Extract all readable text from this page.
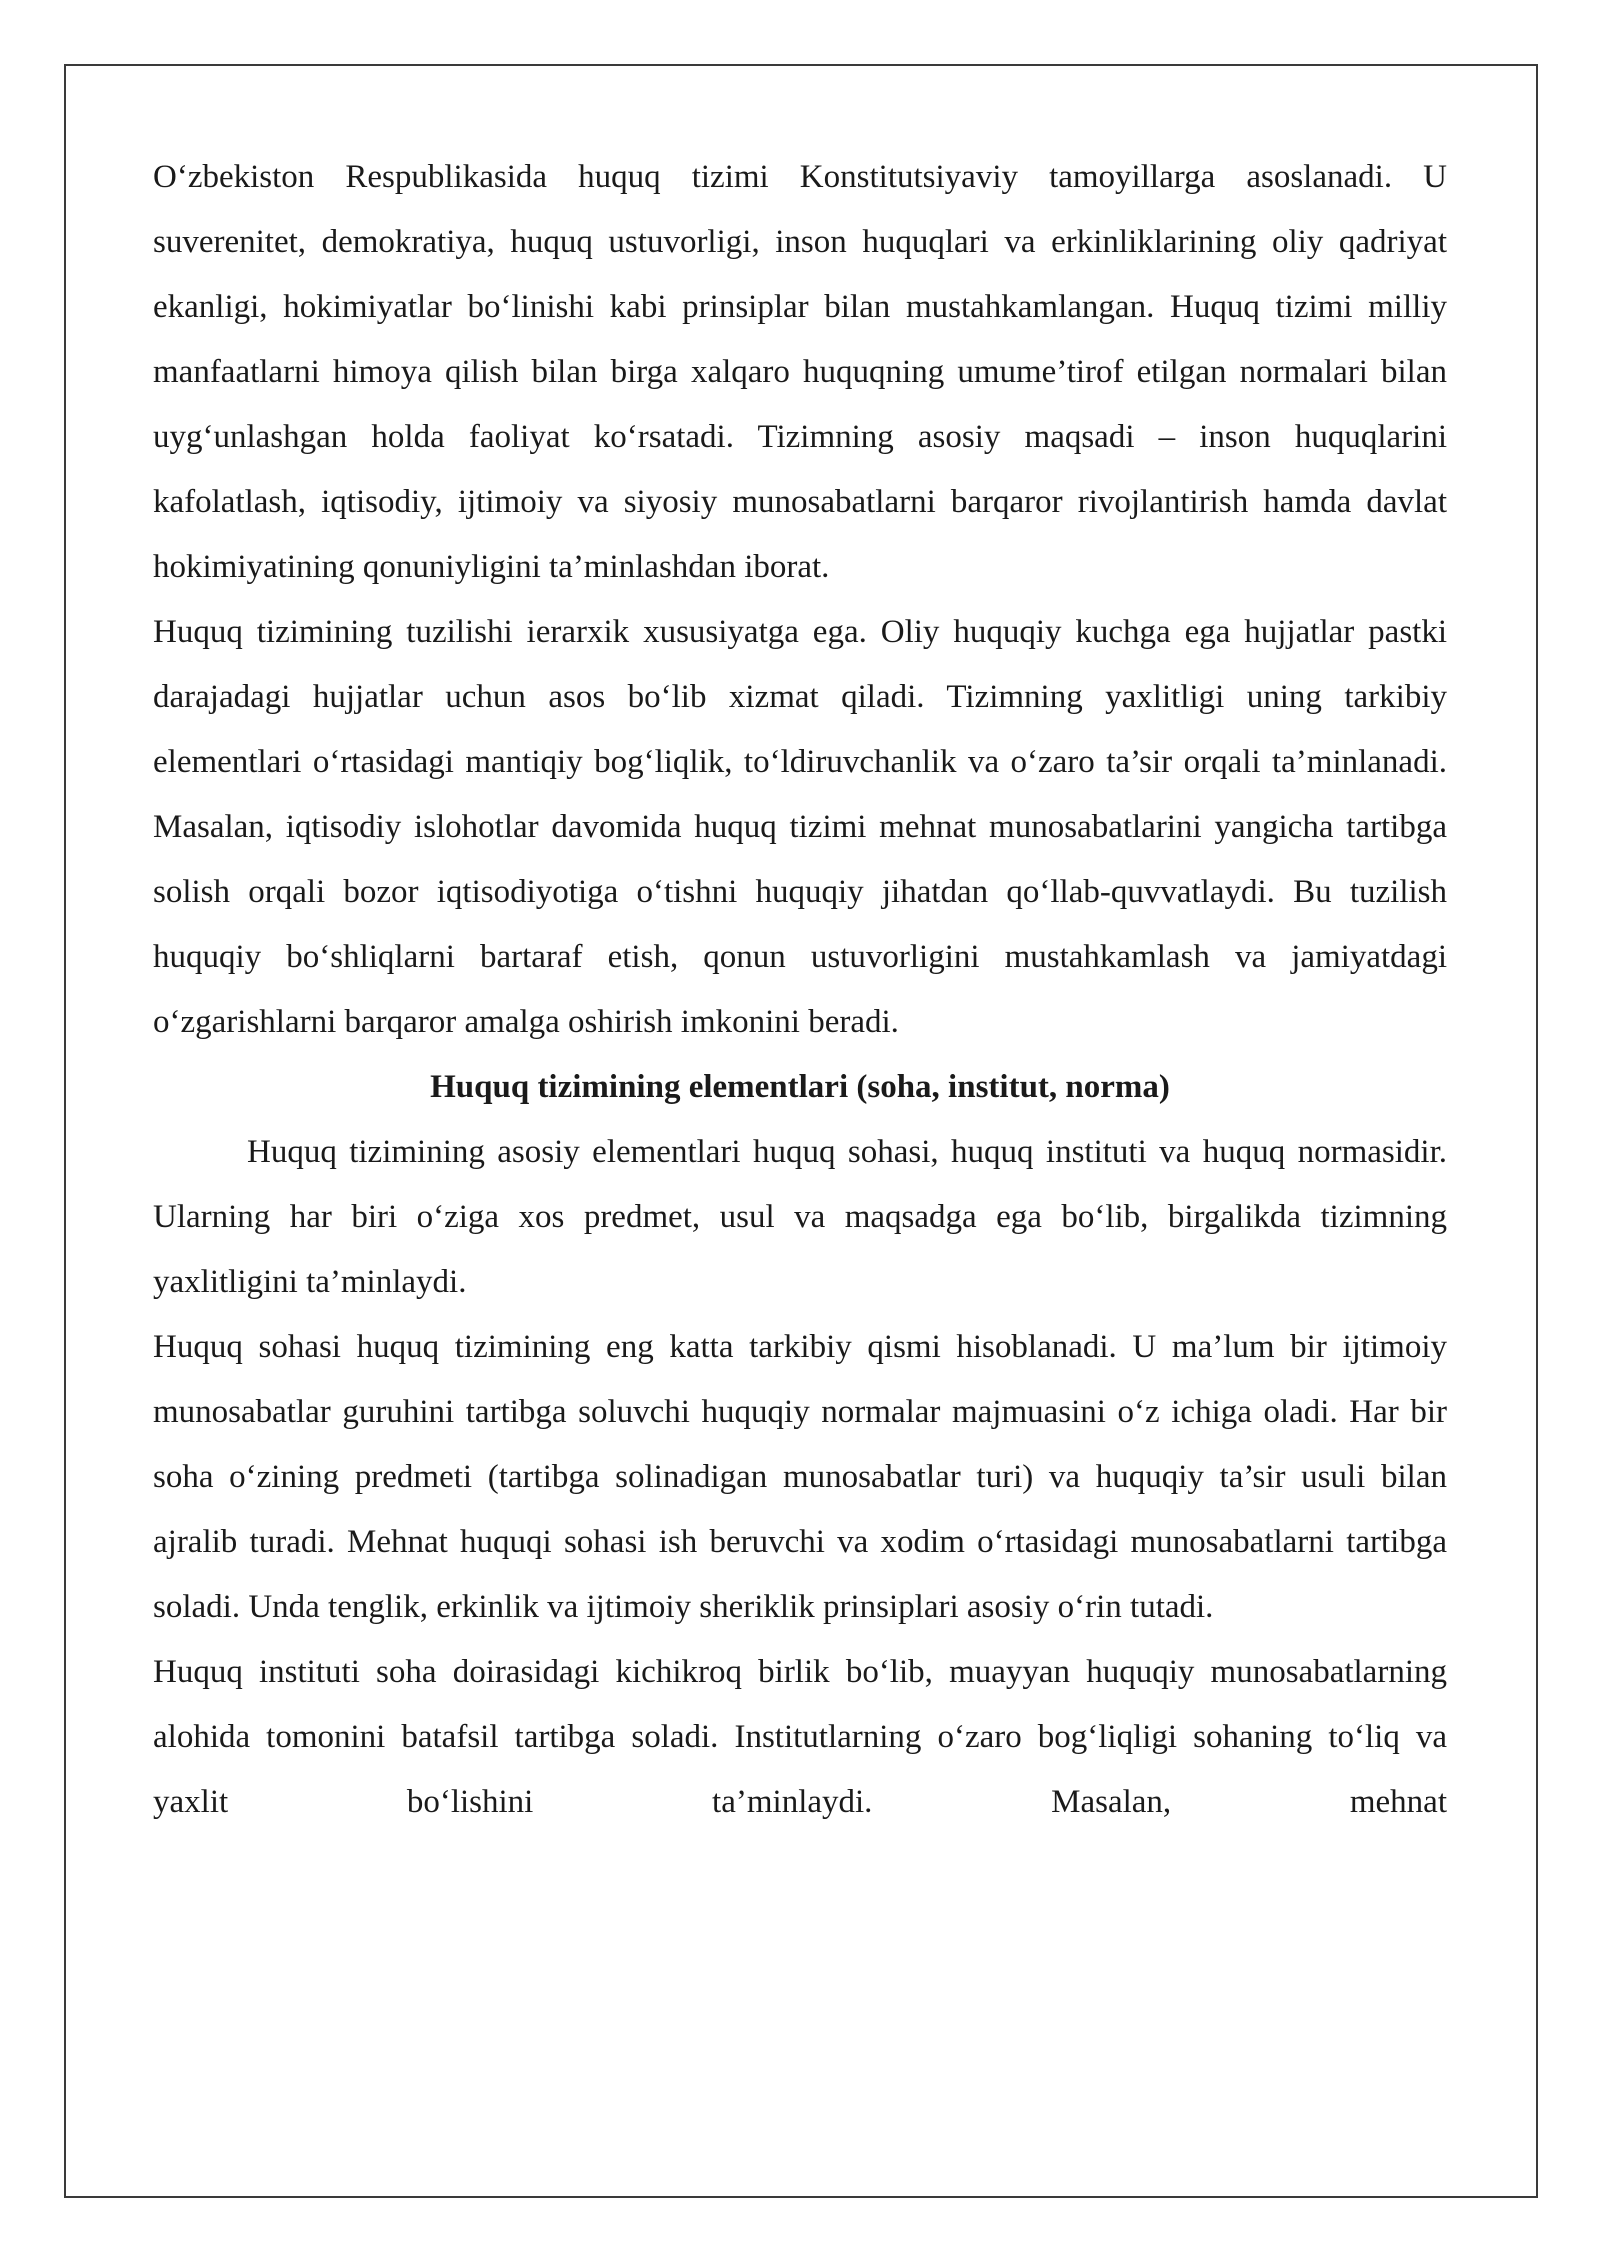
O‘zbekiston Respublikasida huquq tizimi Konstitutsiyaviy tamoyillarga asoslanadi. U suverenitet, demokratiya, huquq ustuvorligi, inson huquqlari va erkinliklarining oliy qadriyat ekanligi, hokimiyatlar bo‘linishi kabi prinsiplar bilan mustahkamlangan. Huquq tizimi milliy manfaatlarni himoya qilish bilan birga xalqaro huquqning umume’tirof etilgan normalari bilan uyg‘unlashgan holda faoliyat ko‘rsatadi. Tizimning asosiy maqsadi – inson huquqlarini kafolatlash, iqtisodiy, ijtimoiy va siyosiy munosabatlarni barqaror rivojlantirish hamda davlat hokimiyatining qonuniyligini ta’minlashdan iborat.

Huquq tizimining tuzilishi ierarxik xususiyatga ega. Oliy huquqiy kuchga ega hujjatlar pastki darajadagi hujjatlar uchun asos bo‘lib xizmat qiladi. Tizimning yaxlitligi uning tarkibiy elementlari o‘rtasidagi mantiqiy bog‘liqlik, to‘ldiruvchanlik va o‘zaro ta’sir orqali ta’minlanadi. Masalan, iqtisodiy islohotlar davomida huquq tizimi mehnat munosabatlarini yangicha tartibga solish orqali bozor iqtisodiyotiga o‘tishni huquqiy jihatdan qo‘llab-quvvatlaydi. Bu tuzilish huquqiy bo‘shliqlarni bartaraf etish, qonun ustuvorligini mustahkamlash va jamiyatdagi o‘zgarishlarni barqaror amalga oshirish imkonini beradi.

Huquq tizimining elementlari (soha, institut, norma)

Huquq tizimining asosiy elementlari huquq sohasi, huquq instituti va huquq normasidir. Ularning har biri o‘ziga xos predmet, usul va maqsadga ega bo‘lib, birgalikda tizimning yaxlitligini ta’minlaydi.

Huquq sohasi huquq tizimining eng katta tarkibiy qismi hisoblanadi. U ma’lum bir ijtimoiy munosabatlar guruhini tartibga soluvchi huquqiy normalar majmuasini o‘z ichiga oladi. Har bir soha o‘zining predmeti (tartibga solinadigan munosabatlar turi) va huquqiy ta’sir usuli bilan ajralib turadi. Mehnat huquqi sohasi ish beruvchi va xodim o‘rtasidagi munosabatlarni tartibga soladi. Unda tenglik, erkinlik va ijtimoiy sheriklik prinsiplari asosiy o‘rin tutadi.

Huquq instituti soha doirasidagi kichikroq birlik bo‘lib, muayyan huquqiy munosabatlarning alohida tomonini batafsil tartibga soladi. Institutlarning o‘zaro bog‘liqligi sohaning to‘liq va yaxlit bo‘lishini ta’minlaydi. Masalan, mehnat
